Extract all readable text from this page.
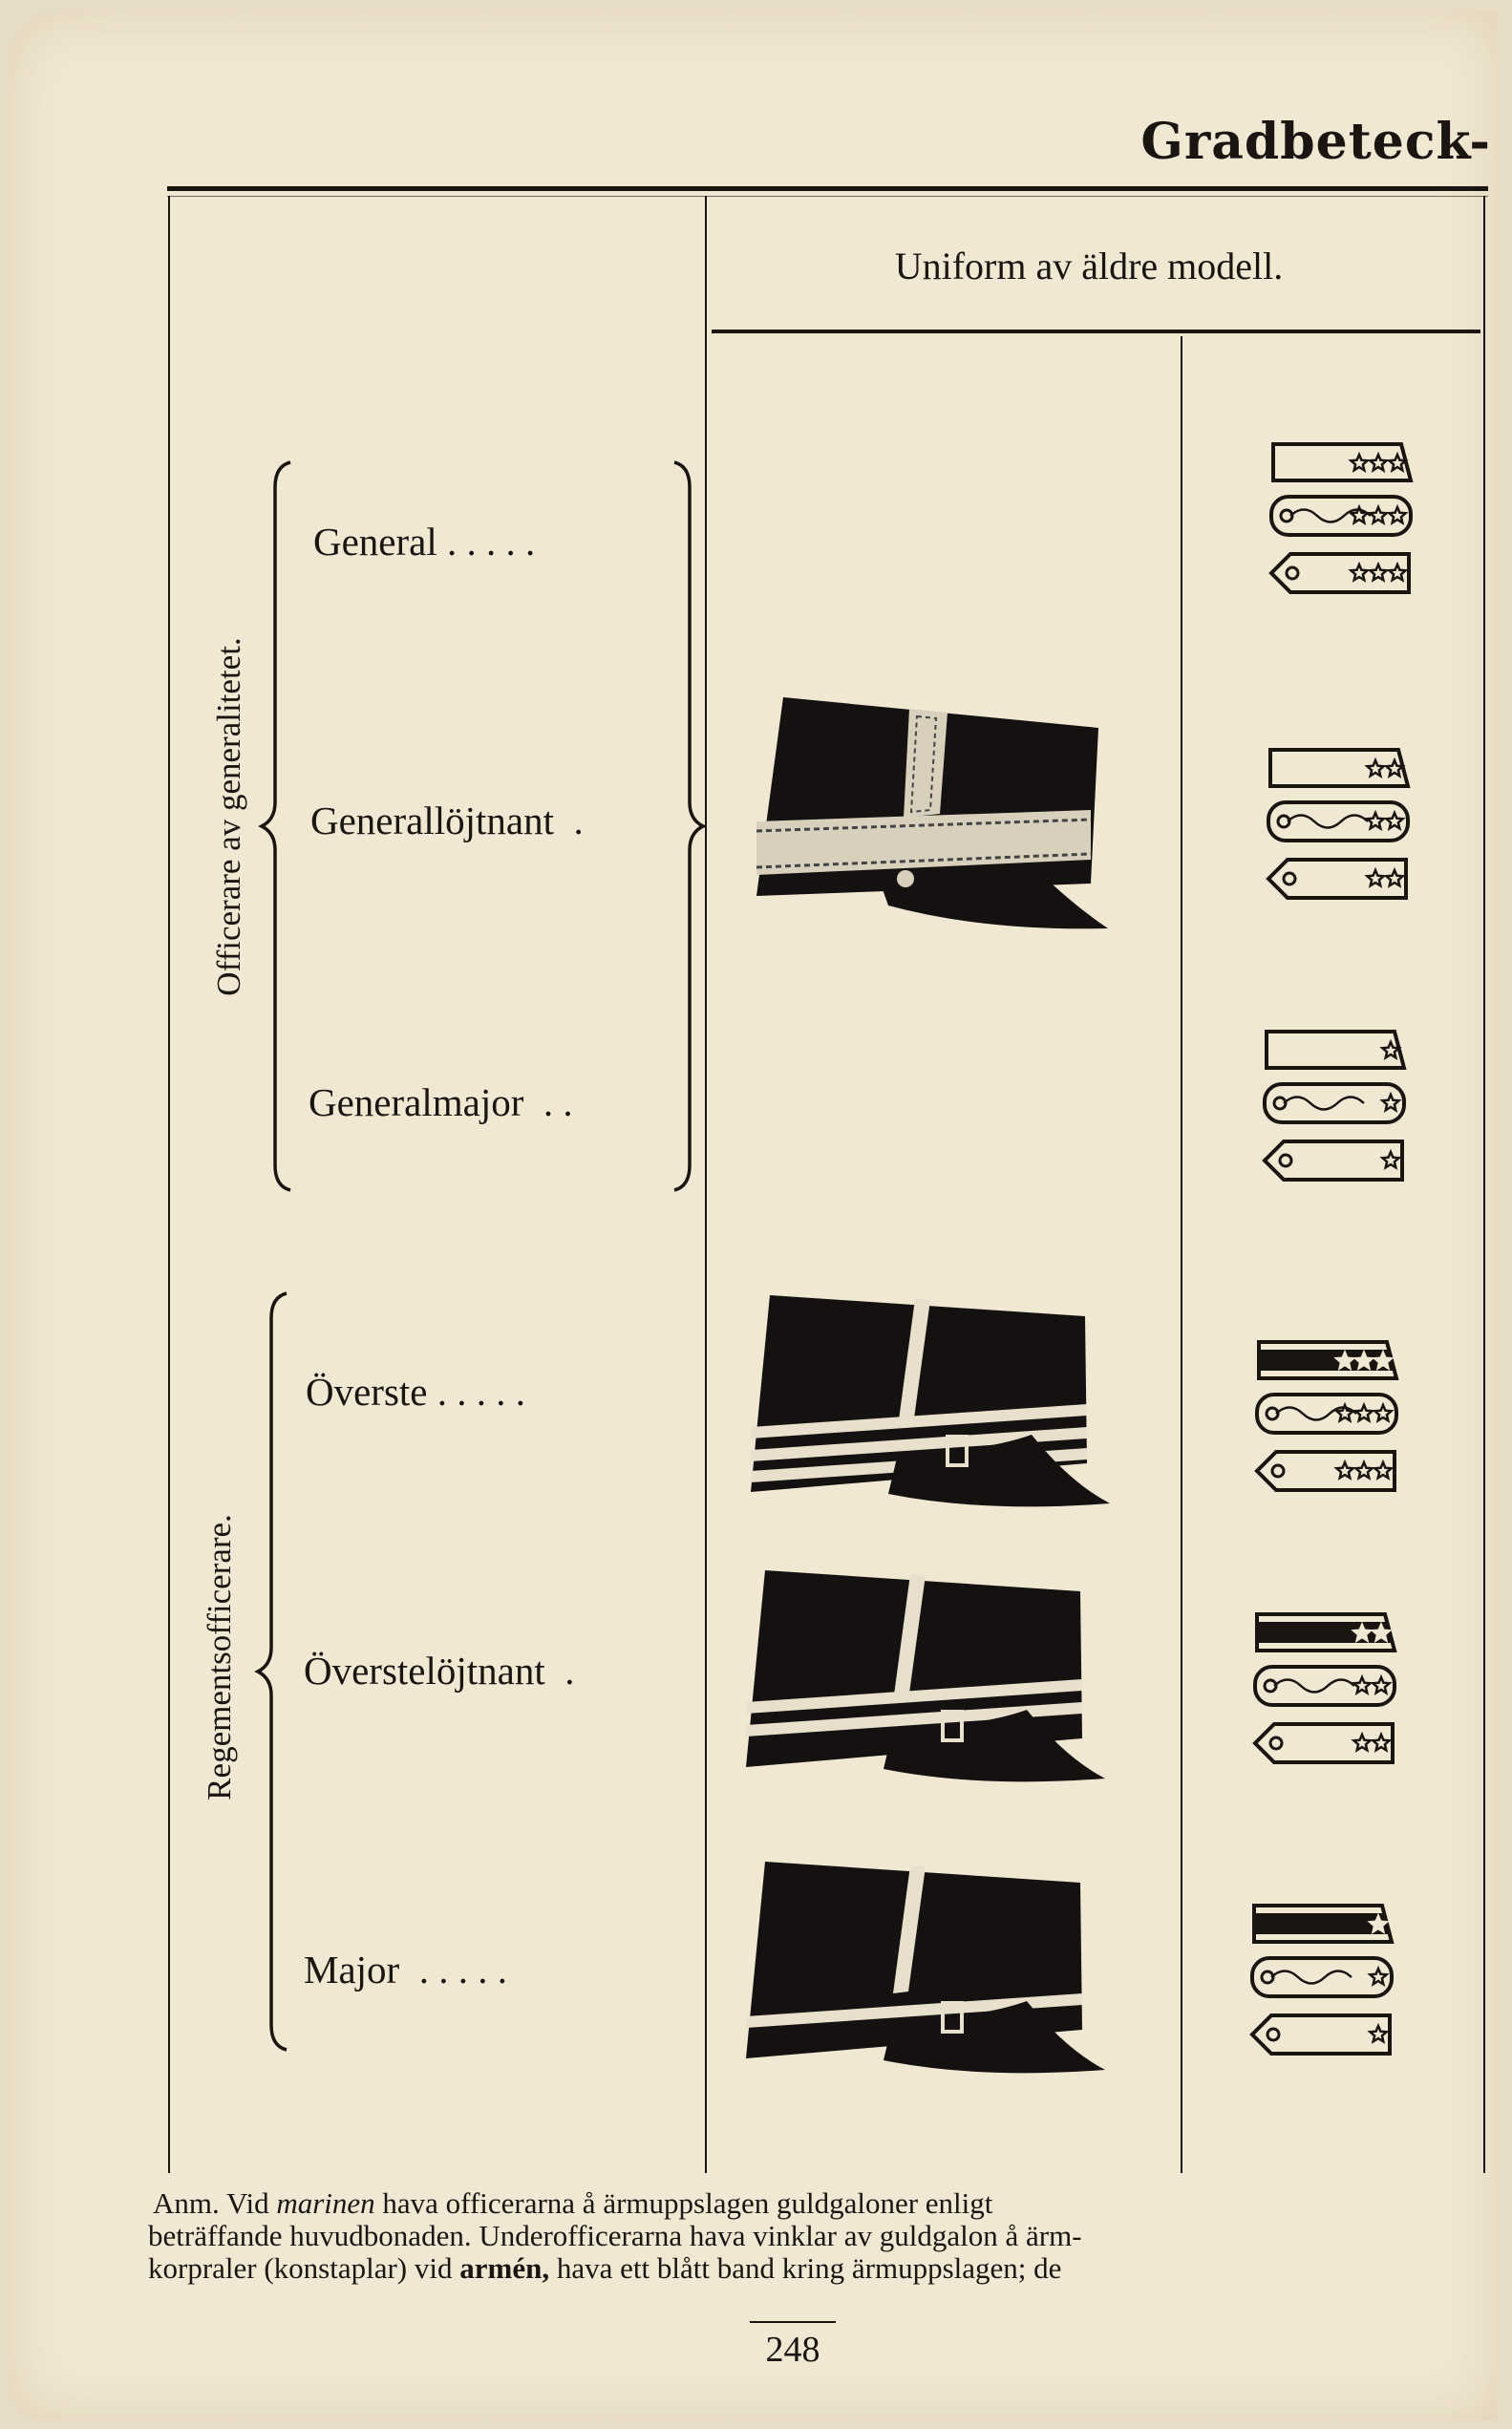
Gradbeteck-
Uniform av äldre modell.
Officerare av generalitetet.
Regementsofficerare.
General . . . . .
Generallöjtnant  .
Generalmajor  . .
Överste . . . . .
Överstelöjtnant  .
Major  . . . . .

Anm. Vid marinen hava officerarna å ärmuppslagen guldgaloner enligt

beträffande huvudbonaden. Underofficerarna hava vinklar av guldgalon å ärm-

korpraler (konstaplar) vid armén, hava ett blått band kring ärmuppslagen; de

248
